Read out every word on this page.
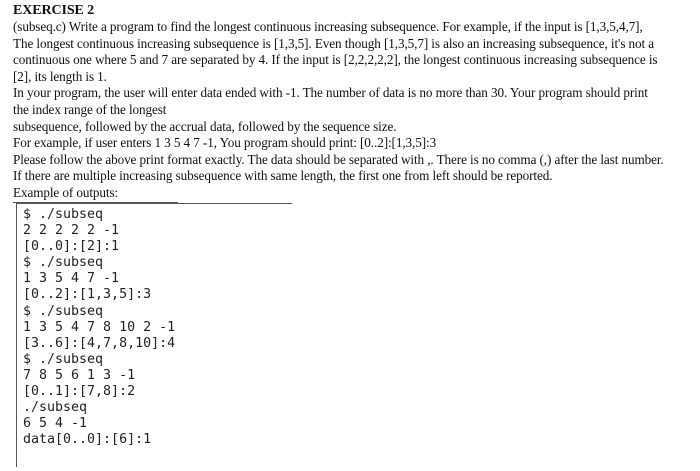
EXERCISE 2
(subseq.c) Write a program to find the longest continuous increasing subsequence. For example, if the input is [1,3,5,4,7],
The longest continuous increasing subsequence is [1,3,5]. Even though [1,3,5,7] is also an increasing subsequence, it's not a
continuous one where 5 and 7 are separated by 4. If the input is [2,2,2,2,2], the longest continuous increasing subsequence is
[2], its length is 1.
In your program, the user will enter data ended with -1. The number of data is no more than 30. Your program should print
the index range of the longest
subsequence, followed by the accrual data, followed by the sequence size.
For example, if user enters 1 3 5 4 7 -1, You program should print: [0..2]:[1,3,5]:3
Please follow the above print format exactly. The data should be separated with ,. There is no comma (,) after the last number.
If there are multiple increasing subsequence with same length, the first one from left should be reported.
Example of outputs:
$ ./subseq
2 2 2 2 2 -1
[0..0]:[2]:1
$ ./subseq
1 3 5 4 7 -1
[0..2]:[1,3,5]:3
$ ./subseq
1 3 5 4 7 8 10 2 -1
[3..6]:[4,7,8,10]:4
$ ./subseq
7 8 5 6 1 3 -1
[0..1]:[7,8]:2
./subseq
6 5 4 -1
data[0..0]:[6]:1
